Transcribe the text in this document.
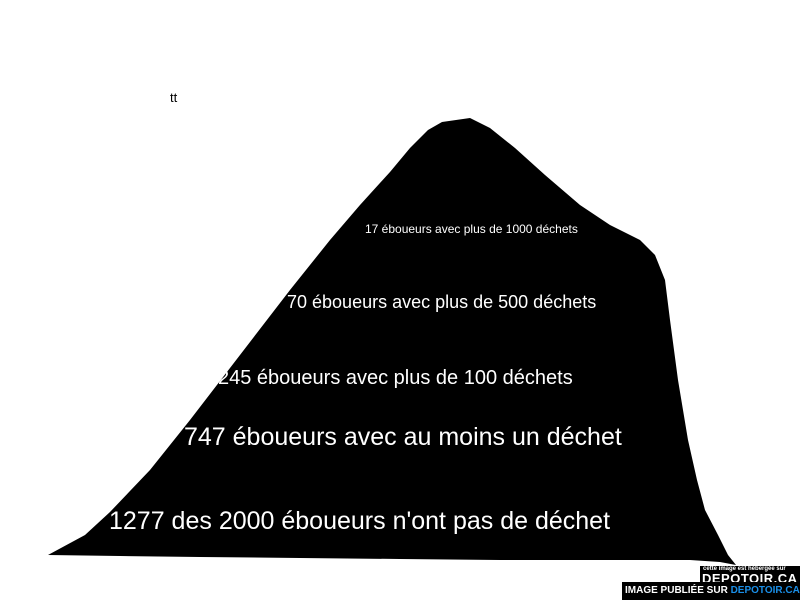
tt
17 éboueurs avec plus de 1000 déchets
70 éboueurs avec plus de 500 déchets
245 éboueurs avec plus de 100 déchets
747 éboueurs avec au moins un déchet
1277 des 2000 éboueurs n'ont pas de déchet
cette image est hébergée sur
DEPOTOIR.CA
IMAGE PUBLIÉE SUR DEPOTOIR.CA
